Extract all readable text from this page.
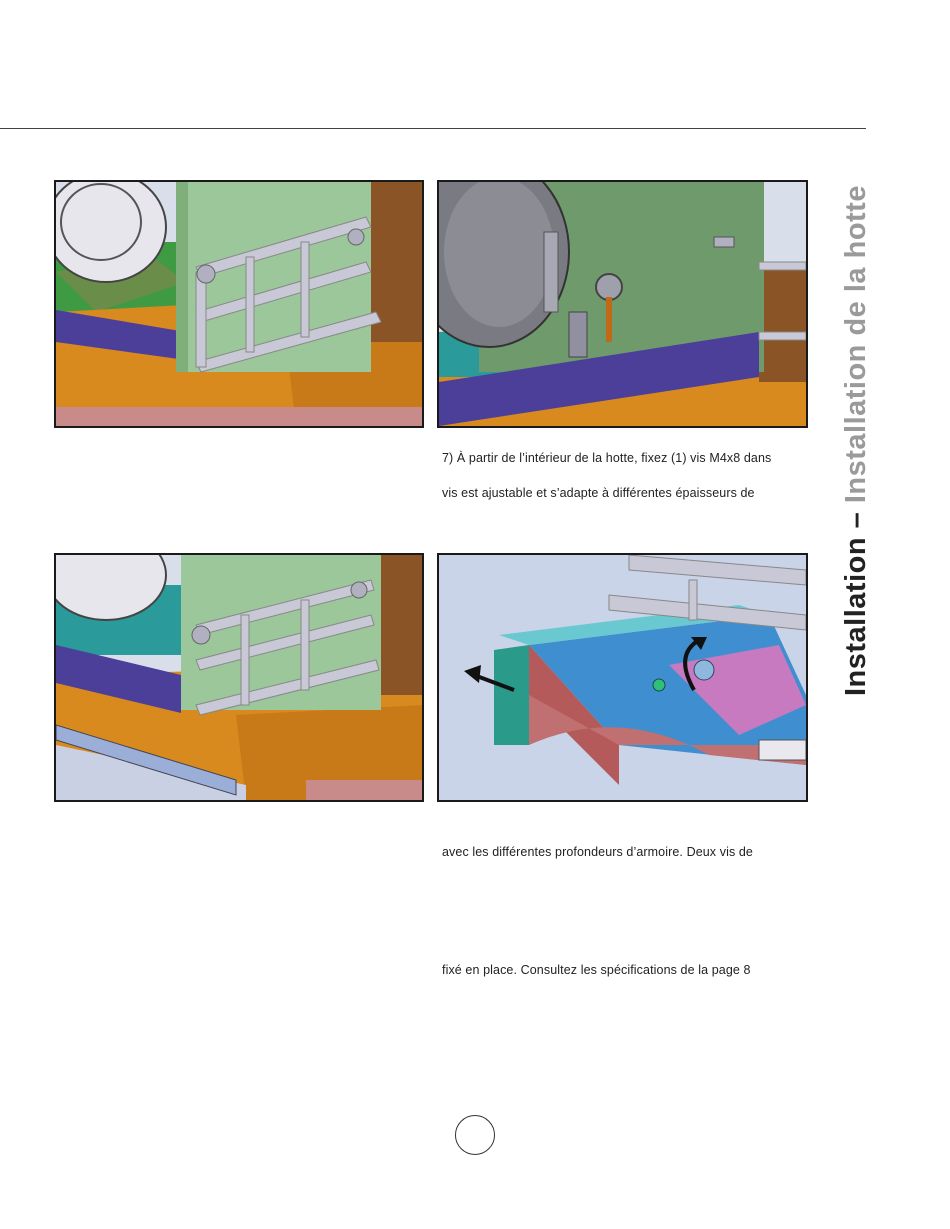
Installation – Installation de la hotte
7) À partir de l’intérieur de la hotte, fixez (1) vis M4x8 dans
vis est ajustable et s’adapte à différentes épaisseurs de
avec les différentes profondeurs d’armoire. Deux vis de
fixé en place. Consultez les spécifications de la page 8
